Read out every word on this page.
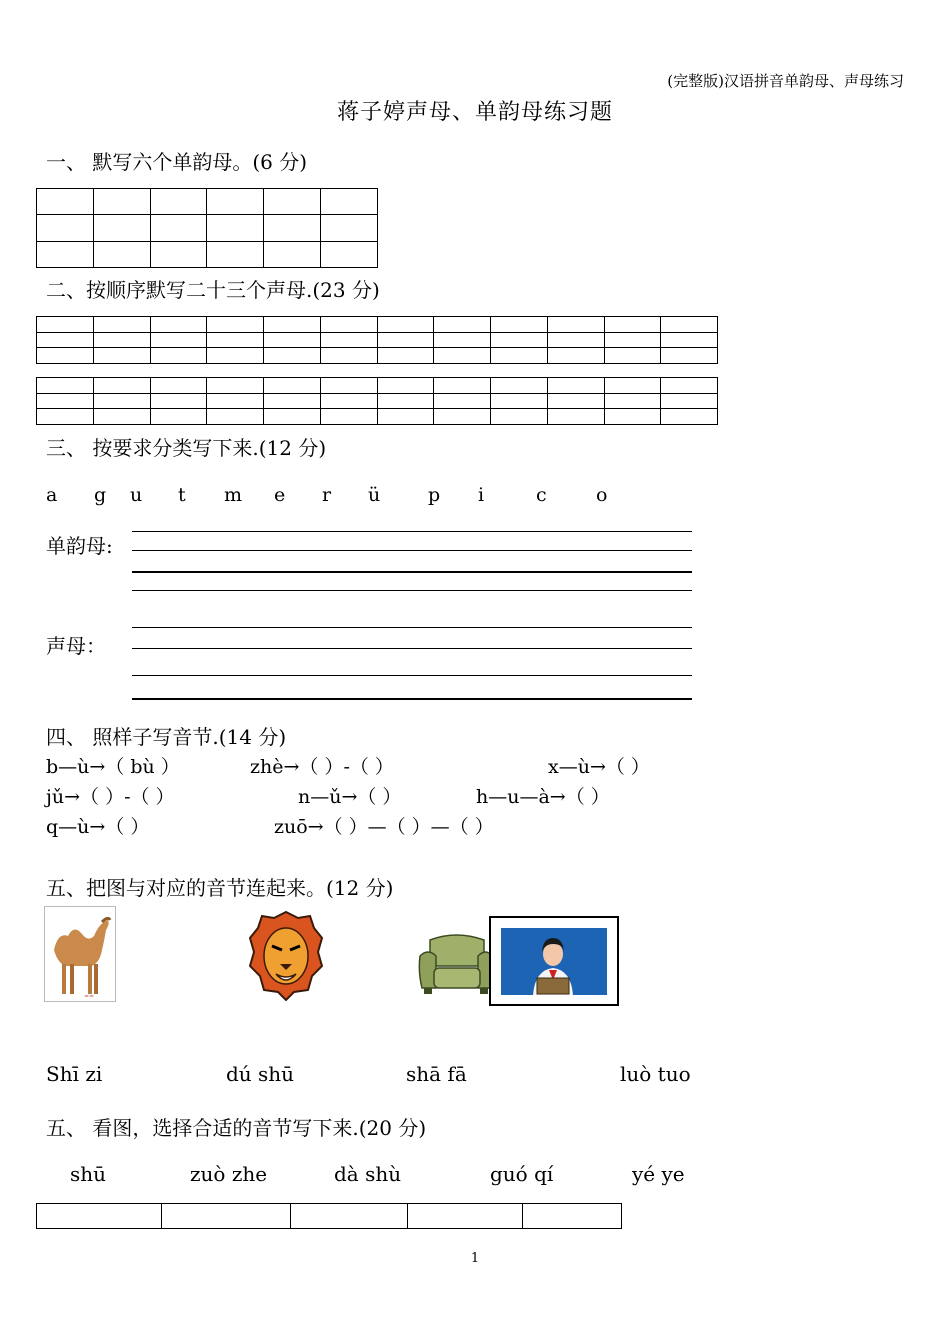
(完整版)汉语拼音单韵母、声母练习
蒋子婷声母、单韵母练习题
一、 默写六个单韵母。(6 分)

二、按顺序默写二十三个声母.(23 分)

三、 按要求分类写下来.(12 分)
a g u t m e r ü	p i	c	o
单韵母:
声母：
四、 照样子写音节.(14 分)
b—ù→（ bù ）	zhè→（ ）-（ ）	x—ù→（ ）
jǔ→（ ）-（ ）	n—ǔ→（ ）	h—u—à→（ ）
q—ù→（ ）	zuō→（ ）—（ ）—（ ）
五、把图与对应的音节连起来。(12 分)
≈≈
Shī zi	dú shū	shā fā	luò tuo
五、 看图，选择合适的音节写下来.(20 分)
shū	zuò zhe	dà shù	guó qí	yé ye

1
